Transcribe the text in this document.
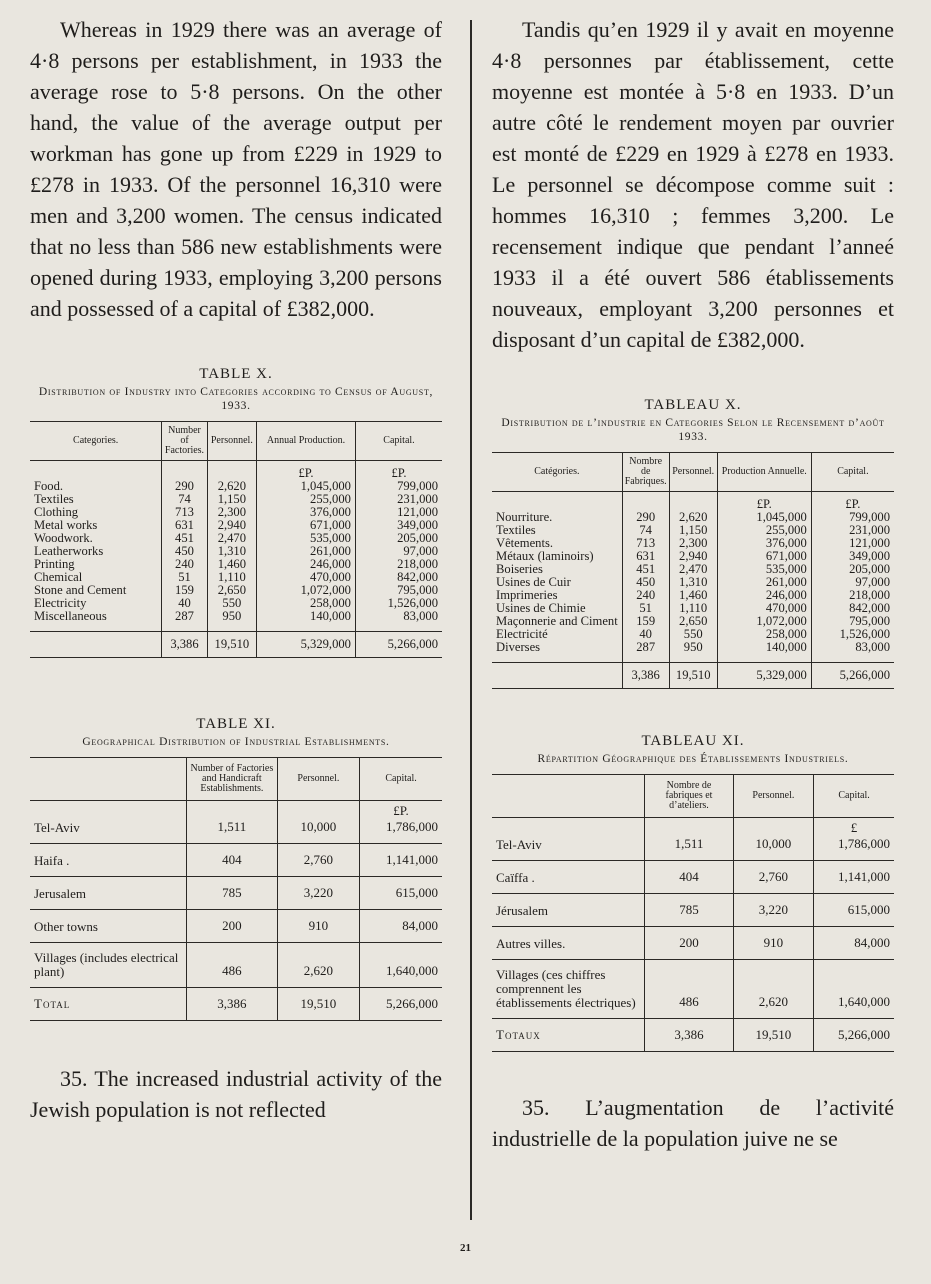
Whereas in 1929 there was an average of 4·8 persons per establishment, in 1933 the average rose to 5·8 persons. On the other hand, the value of the average output per workman has gone up from £229 in 1929 to £278 in 1933. Of the personnel 16,310 were men and 3,200 women. The census indicated that no less than 586 new establishments were opened during 1933, employing 3,200 persons and possessed of a capital of £382,000.

TABLE X.
Distribution of Industry into Categories according to Census of August, 1933.
Categories.	Number of Factories.	Personnel.	Annual Production.	Capital.
			£P.	£P.
Food.	290	2,620	1,045,000	799,000
Textiles	74	1,150	255,000	231,000
Clothing	713	2,300	376,000	121,000
Metal works	631	2,940	671,000	349,000
Woodwork.	451	2,470	535,000	205,000
Leatherworks	450	1,310	261,000	97,000
Printing	240	1,460	246,000	218,000
Chemical	51	1,110	470,000	842,000
Stone and Cement	159	2,650	1,072,000	795,000
Electricity	40	550	258,000	1,526,000
Miscellaneous	287	950	140,000	83,000
	3,386	19,510	5,329,000	5,266,000
TABLE XI.
Geographical Distribution of Industrial Establishments.
	Number of Factories and Handicraft Establishments.	Personnel.	Capital.
			£P.
Tel-Aviv	1,511	10,000	1,786,000
Haifa .	404	2,760	1,141,000
Jerusalem	785	3,220	615,000
Other towns	200	910	84,000
Villages (includes electrical plant)	486	2,620	1,640,000
Total	3,386	19,510	5,266,000

35. The increased industrial activity of the Jewish population is not reflected

Tandis qu’en 1929 il y avait en moyenne 4·8 personnes par établissement, cette moyenne est montée à 5·8 en 1933. D’un autre côté le rendement moyen par ouvrier est monté de £229 en 1929 à £278 en 1933. Le personnel se décompose comme suit : hommes 16,310 ; femmes 3,200. Le recensement indique que pendant l’anneé 1933 il a été ouvert 586 établissements nouveaux, employant 3,200 personnes et disposant d’un capital de £382,000.

TABLEAU X.
Distribution de l’industrie en Categories Selon le Recensement d’août 1933.
Catégories.	Nombre de Fabriques.	Personnel.	Production Annuelle.	Capital.
			£P.	£P.
Nourriture.	290	2,620	1,045,000	799,000
Textiles	74	1,150	255,000	231,000
Vêtements.	713	2,300	376,000	121,000
Métaux (laminoirs)	631	2,940	671,000	349,000
Boiseries	451	2,470	535,000	205,000
Usines de Cuir	450	1,310	261,000	97,000
Imprimeries	240	1,460	246,000	218,000
Usines de Chimie	51	1,110	470,000	842,000
Maçonnerie and Ciment	159	2,650	1,072,000	795,000
Electricité	40	550	258,000	1,526,000
Diverses	287	950	140,000	83,000
	3,386	19,510	5,329,000	5,266,000
TABLEAU XI.
Répartition Géographique des Établissements Industriels.
	Nombre de fabriques et d’ateliers.	Personnel.	Capital.
			£
Tel-Aviv	1,511	10,000	1,786,000
Caïffa .	404	2,760	1,141,000
Jérusalem	785	3,220	615,000
Autres villes.	200	910	84,000
Villages (ces chiffres comprennent les établissements électriques)	486	2,620	1,640,000
Totaux	3,386	19,510	5,266,000

35. L’augmentation de l’activité industrielle de la population juive ne se

21
